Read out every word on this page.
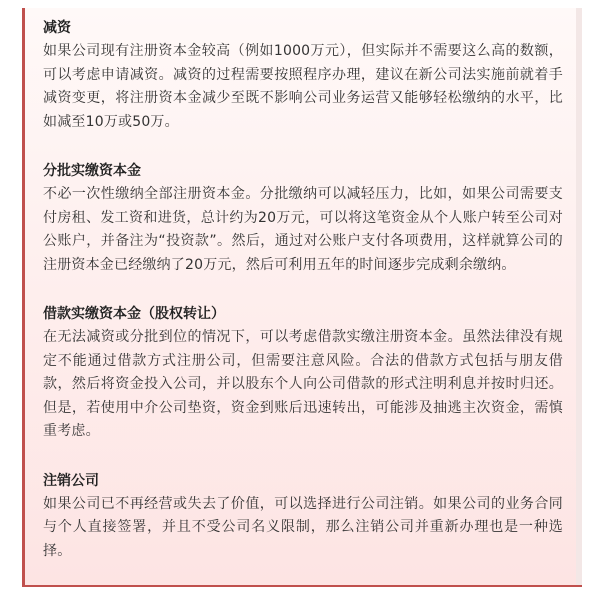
减资

如果公司现有注册资本金较高（例如1000万元），但实际并不需要这么高的数额，可以考虑申请减资。减资的过程需要按照程序办理，建议在新公司法实施前就着手减资变更，将注册资本金减少至既不影响公司业务运营又能够轻松缴纳的水平，比如减至10万或50万。

分批实缴资本金

不必一次性缴纳全部注册资本金。分批缴纳可以减轻压力，比如，如果公司需要支付房租、发工资和进货，总计约为20万元，可以将这笔资金从个人账户转至公司对公账户，并备注为“投资款”。然后，通过对公账户支付各项费用，这样就算公司的注册资本金已经缴纳了20万元，然后可利用五年的时间逐步完成剩余缴纳。

借款实缴资本金（股权转让）

在无法减资或分批到位的情况下，可以考虑借款实缴注册资本金。虽然法律没有规定不能通过借款方式注册公司，但需要注意风险。合法的借款方式包括与朋友借款，然后将资金投入公司，并以股东个人向公司借款的形式注明利息并按时归还。但是，若使用中介公司垫资，资金到账后迅速转出，可能涉及抽逃主次资金，需慎重考虑。

注销公司

如果公司已不再经营或失去了价值，可以选择进行公司注销。如果公司的业务合同与个人直接签署，并且不受公司名义限制，那么注销公司并重新办理也是一种选择。
